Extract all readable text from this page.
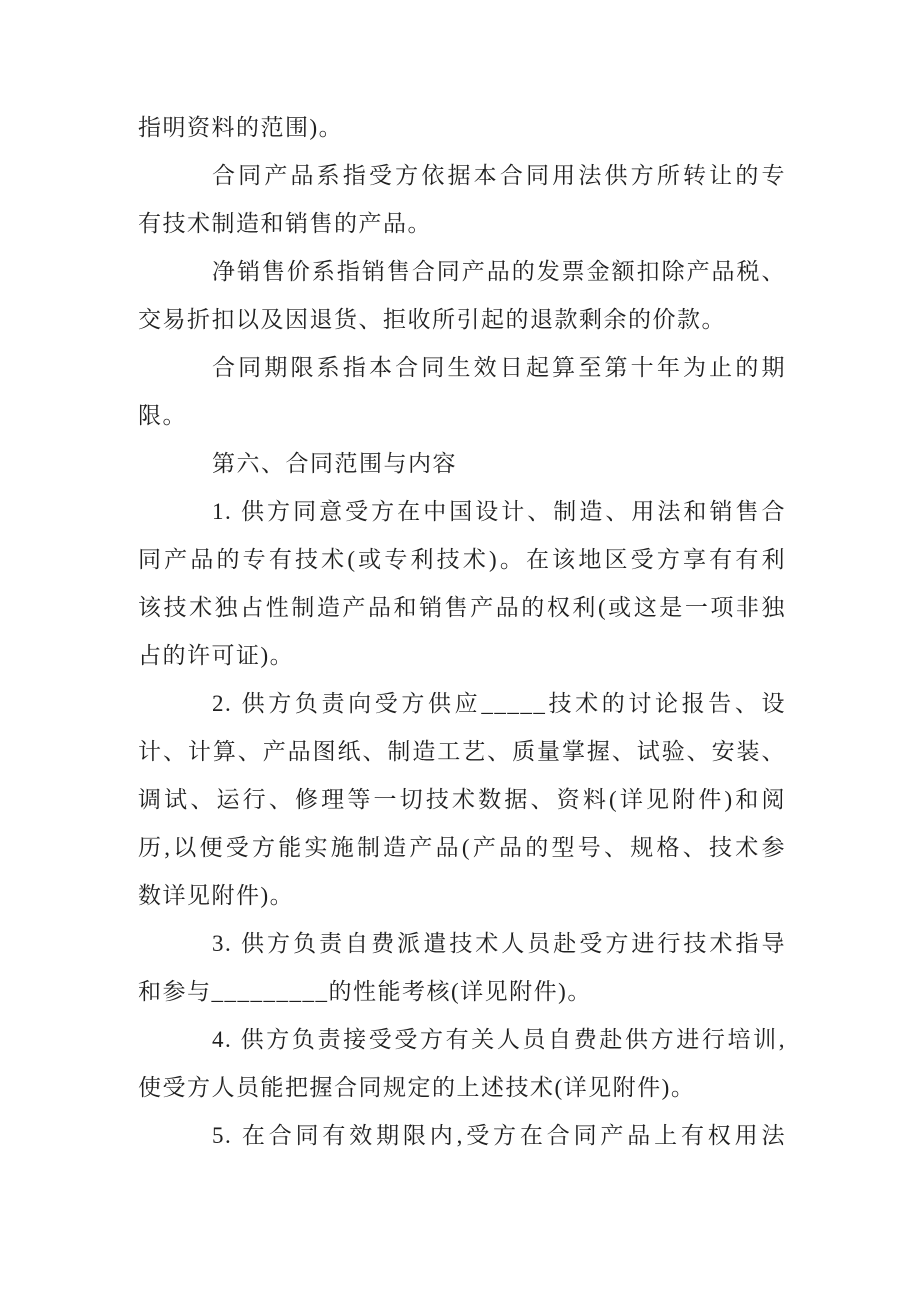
指明资料的范围)。
合同产品系指受方依据本合同用法供方所转让的专
有技术制造和销售的产品。
净销售价系指销售合同产品的发票金额扣除产品税、
交易折扣以及因退货、拒收所引起的退款剩余的价款。
合同期限系指本合同生效日起算至第十年为止的期
限。
第六、合同范围与内容
1. 供方同意受方在中国设计、制造、用法和销售合
同产品的专有技术(或专利技术)。在该地区受方享有有利
该技术独占性制造产品和销售产品的权利(或这是一项非独
占的许可证)。
2. 供方负责向受方供应_____技术的讨论报告、设
计、计算、产品图纸、制造工艺、质量掌握、试验、安装、
调试、运行、修理等一切技术数据、资料(详见附件)和阅
历,以便受方能实施制造产品(产品的型号、规格、技术参
数详见附件)。
3. 供方负责自费派遣技术人员赴受方进行技术指导
和参与_________的性能考核(详见附件)。
4. 供方负责接受受方有关人员自费赴供方进行培训,
使受方人员能把握合同规定的上述技术(详见附件)。
5. 在合同有效期限内,受方在合同产品上有权用法
